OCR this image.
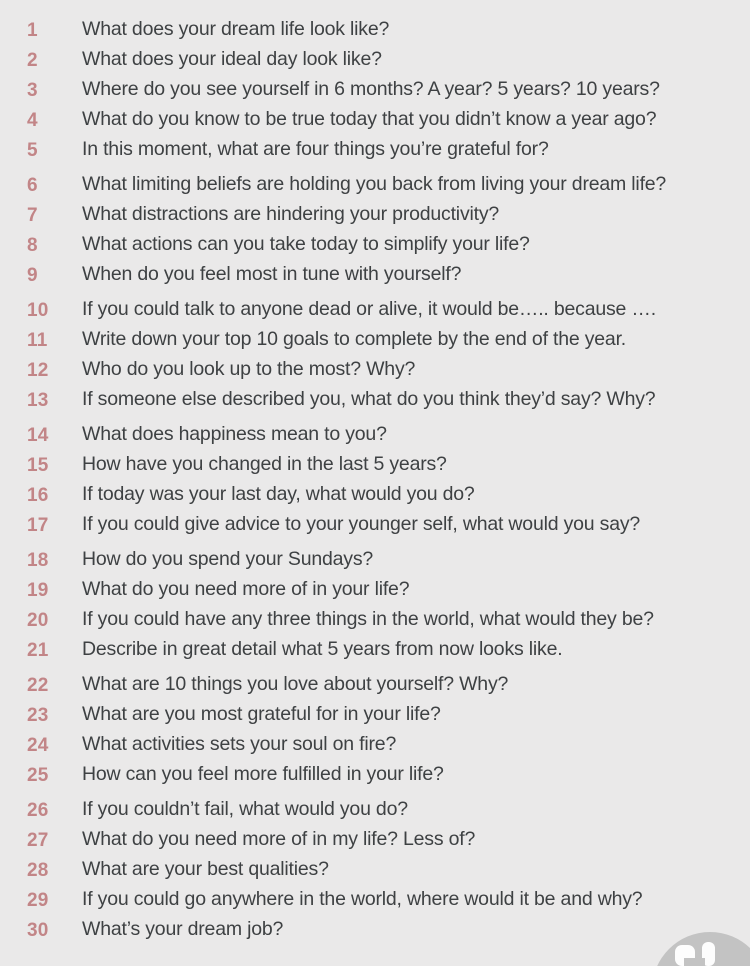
1	What does your dream life look like?
2	What does your ideal day look like?
3	Where do you see yourself in 6 months? A year? 5 years? 10 years?
4	What do you know to be true today that you didn’t know a year ago?
5	In this moment, what are four things you’re grateful for?
6	What limiting beliefs are holding you back from living your dream life?
7	What distractions are hindering your productivity?
8	What actions can you take today to simplify your life?
9	When do you feel most in tune with yourself?
10	If you could talk to anyone dead or alive, it would be….. because ….
11	Write down your top 10 goals to complete by the end of the year.
12	Who do you look up to the most? Why?
13	If someone else described you, what do you think they’d say? Why?
14	What does happiness mean to you?
15	How have you changed in the last 5 years?
16	If today was your last day, what would you do?
17	If you could give advice to your younger self, what would you say?
18	How do you spend your Sundays?
19	What do you need more of in your life?
20	If you could have any three things in the world, what would they be?
21	Describe in great detail what 5 years from now looks like.
22	What are 10 things you love about yourself? Why?
23	What are you most grateful for in your life?
24	What activities sets your soul on fire?
25	How can you feel more fulfilled in your life?
26	If you couldn’t fail, what would you do?
27	What do you need more of in my life? Less of?
28	What are your best qualities?
29	If you could go anywhere in the world, where would it be and why?
30	What’s your dream job?
